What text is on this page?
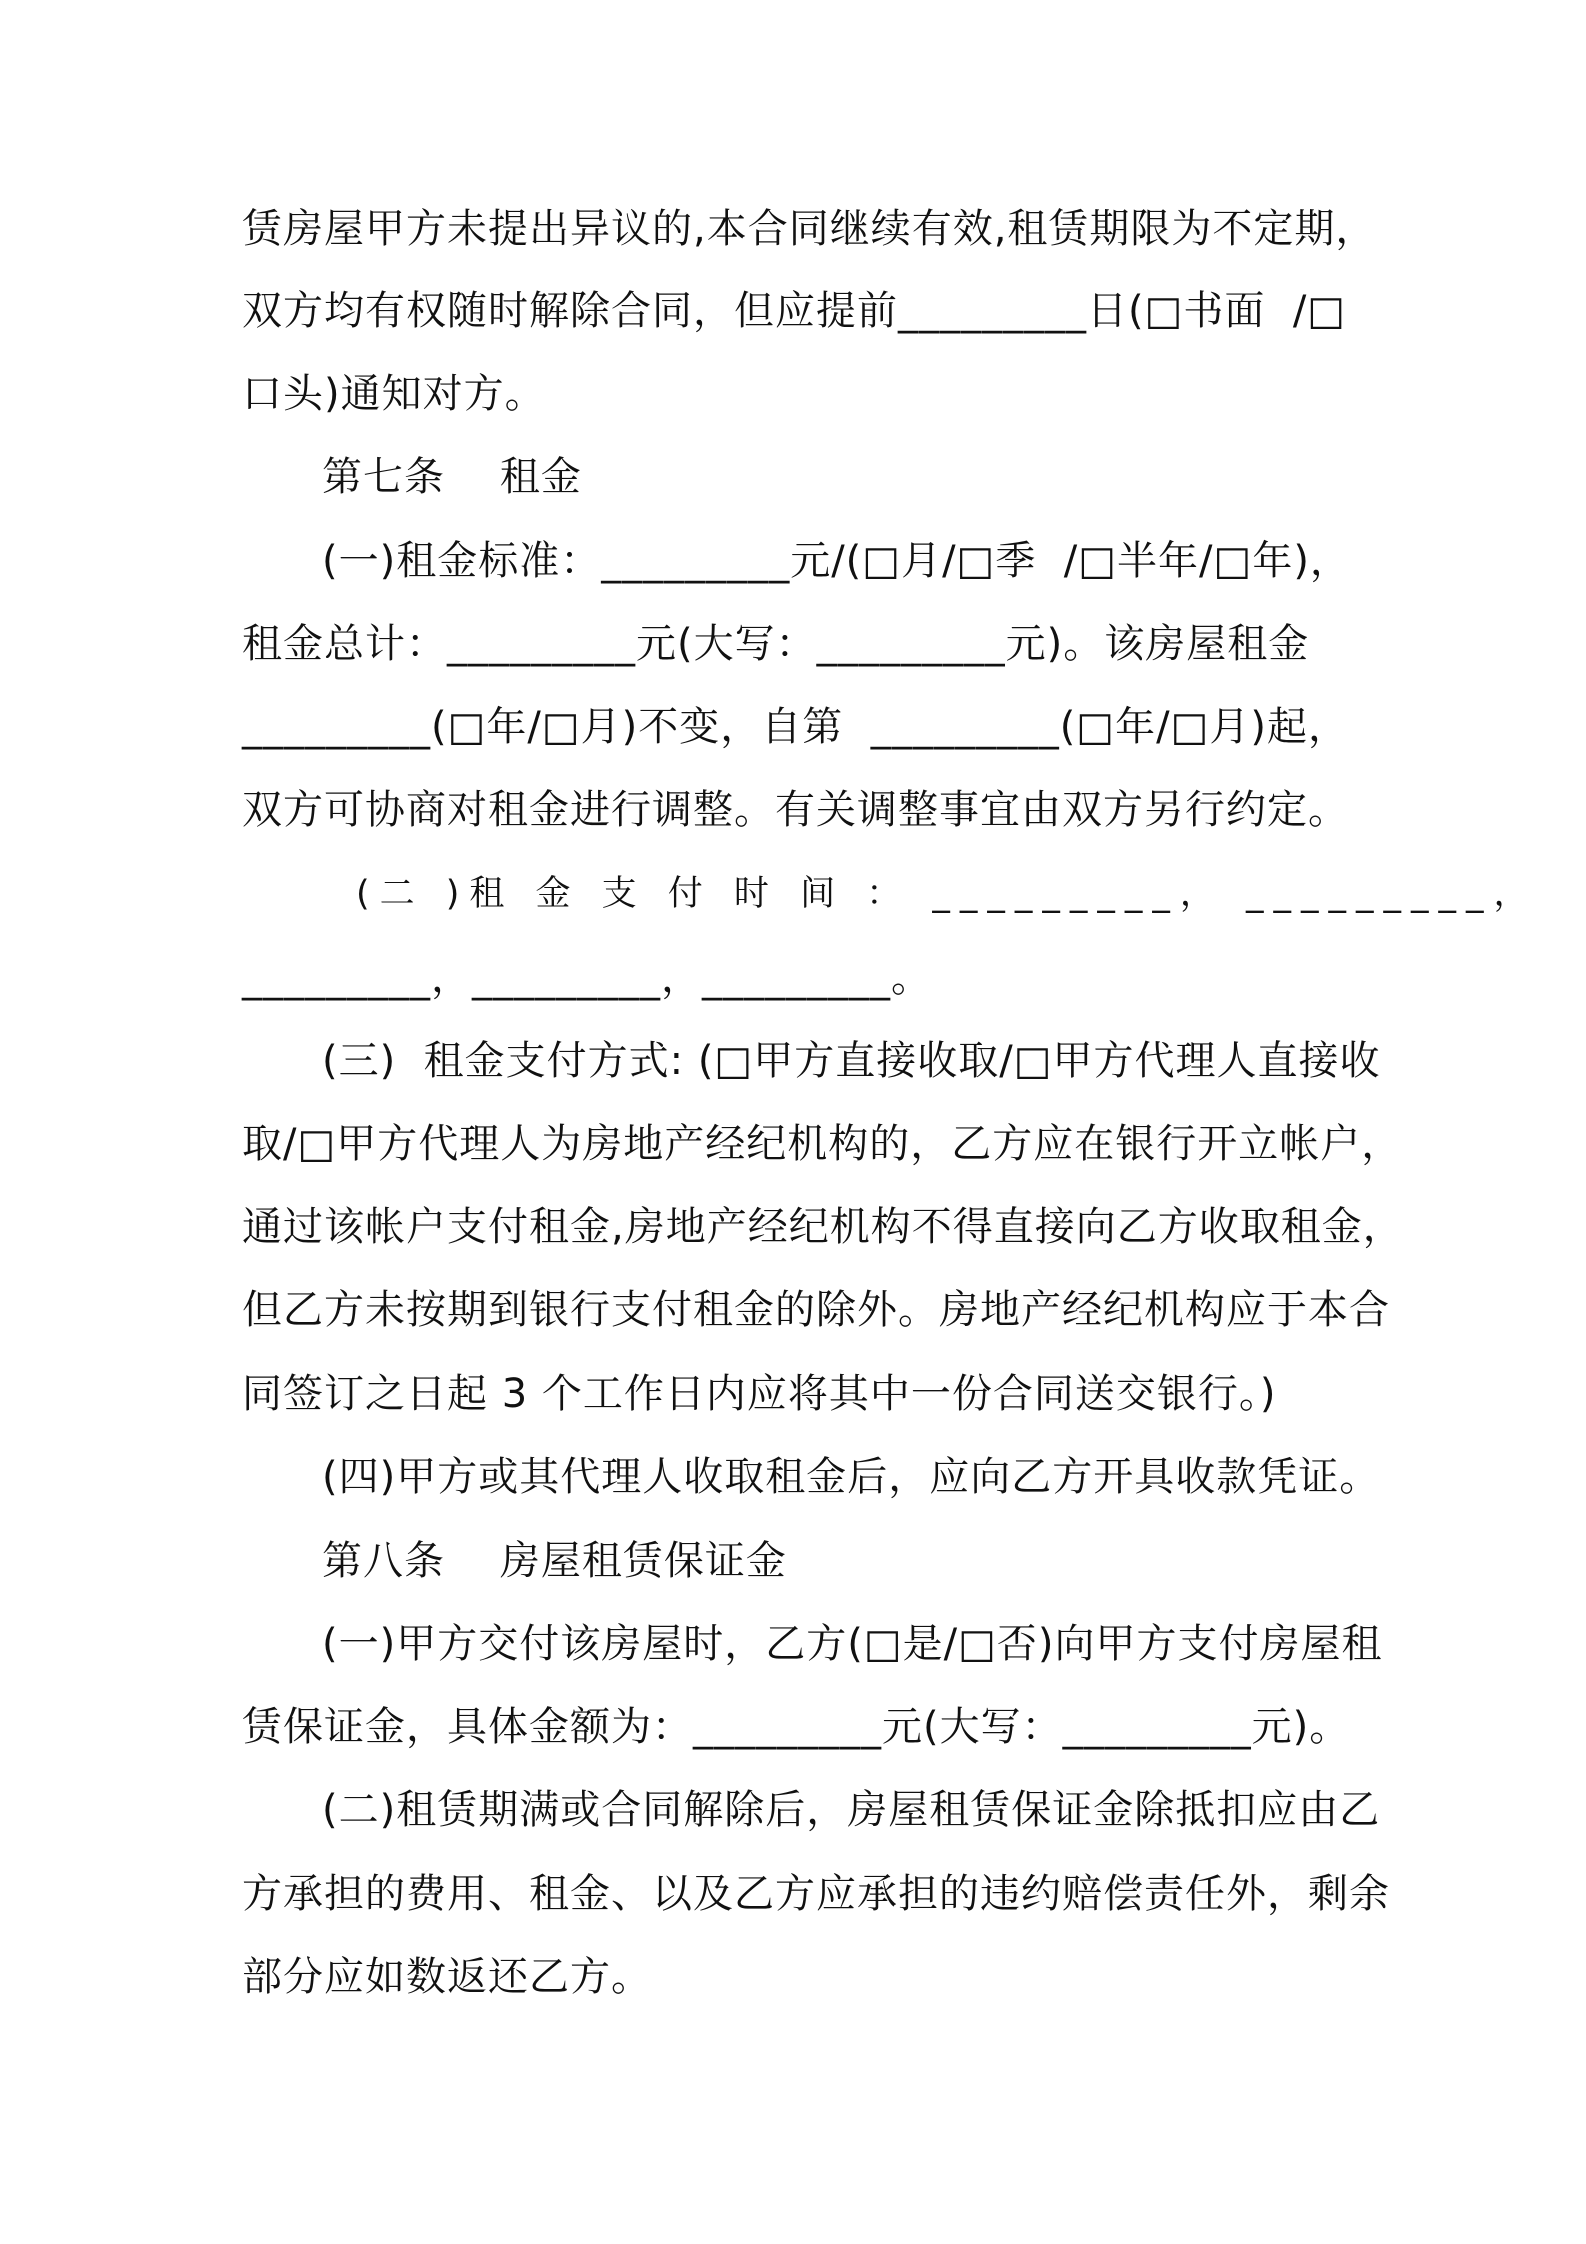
赁房屋甲方未提出异议的,本合同继续有效,租赁期限为不定期，

双方均有权随时解除合同，但应提前_________日(□书面  /□

口头)通知对方。

第七条    租金

(一)租金标准：_________元/(□月/□季  /□半年/□年)，

租金总计：_________元(大写：_________元)。该房屋租金

_________(□年/□月)不变，自第  _________(□年/□月)起，

双方可协商对租金进行调整。有关调整事宜由双方另行约定。

(二 )租 金 支 付 时 间 ： _________， _________，

_________，_________，_________。

(三)  租金支付方式: (□甲方直接收取/□甲方代理人直接收

取/□甲方代理人为房地产经纪机构的，乙方应在银行开立帐户，

通过该帐户支付租金,房地产经纪机构不得直接向乙方收取租金，

但乙方未按期到银行支付租金的除外。房地产经纪机构应于本合

同签订之日起 3 个工作日内应将其中一份合同送交银行。)

(四)甲方或其代理人收取租金后，应向乙方开具收款凭证。

第八条    房屋租赁保证金

(一)甲方交付该房屋时，乙方(□是/□否)向甲方支付房屋租

赁保证金，具体金额为：_________元(大写：_________元)。

(二)租赁期满或合同解除后，房屋租赁保证金除抵扣应由乙

方承担的费用、租金、以及乙方应承担的违约赔偿责任外，剩余

部分应如数返还乙方。
